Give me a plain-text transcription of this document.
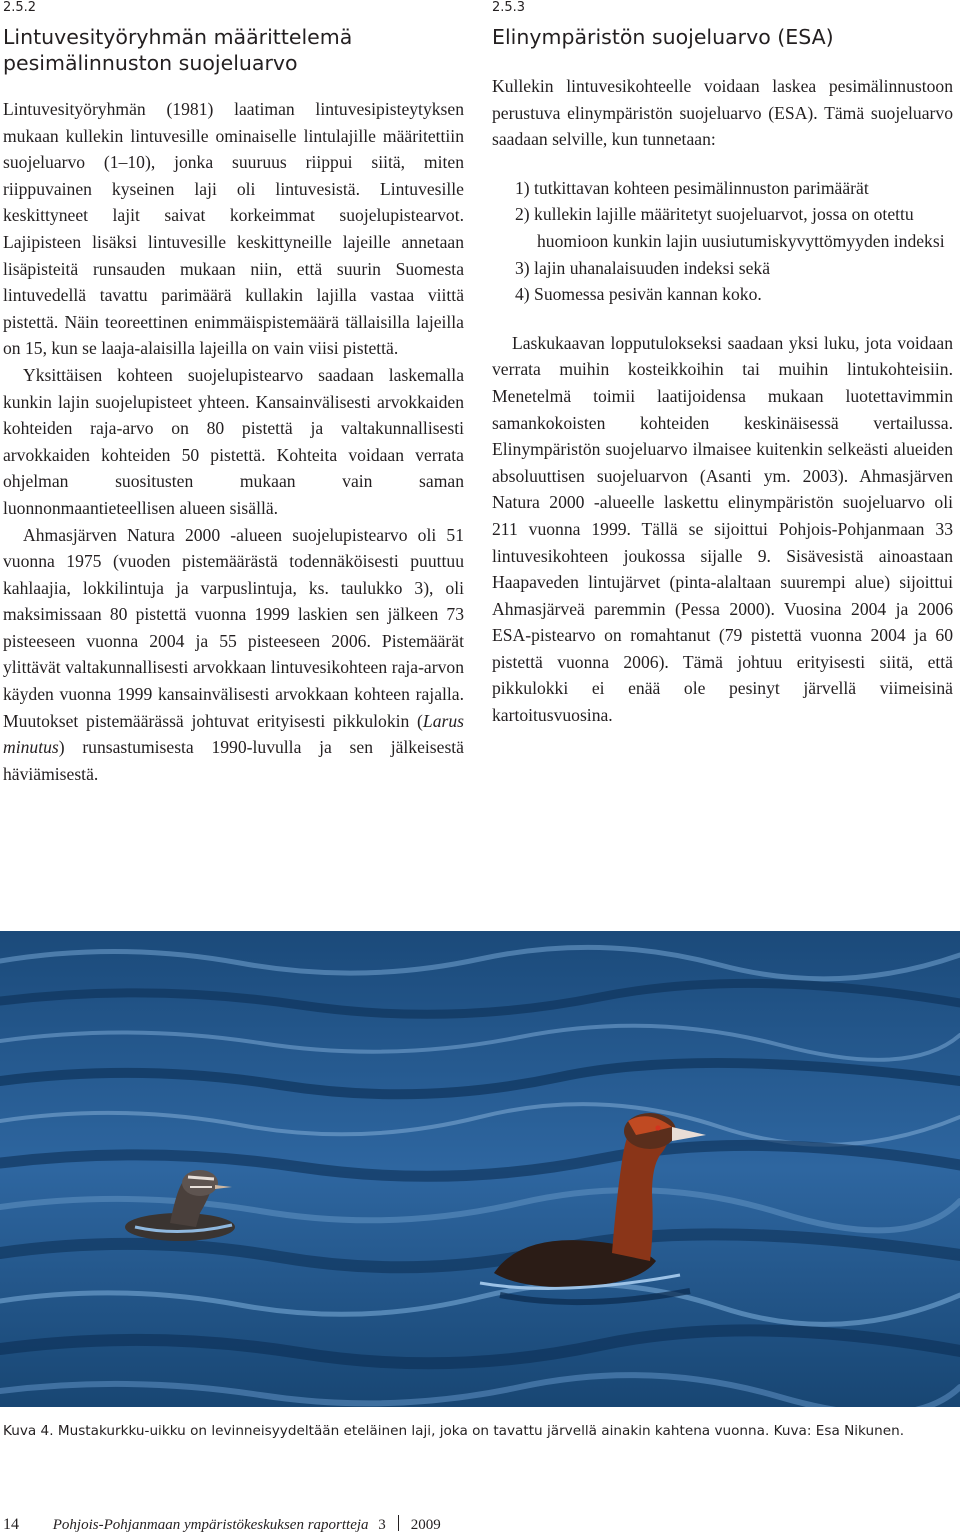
2.5.2
Lintuvesityöryhmän määrittelemä
pesimälinnuston suojeluarvo

Lintuvesityöryhmän (1981) laatiman lintuvesipisteytyksen mukaan kullekin lintuvesille ominaiselle lintulajille määritettiin suojeluarvo (1–10), jonka suuruus riippui siitä, miten riippuvainen kyseinen laji oli lintuvesistä. Lintuvesille keskittyneet lajit saivat korkeimmat suojelupistearvot. Lajipisteen lisäksi lintuvesille keskittyneille lajeille annetaan lisäpisteitä runsauden mukaan niin, että suurin Suomesta lintuvedellä tavattu parimäärä kullakin lajilla vastaa viittä pistettä. Näin teoreettinen enimmäispistemäärä tällaisilla lajeilla on 15, kun se laaja-alaisilla lajeilla on vain viisi pistettä.

Yksittäisen kohteen suojelupistearvo saadaan laskemalla kunkin lajin suojelupisteet yhteen. Kansainvälisesti arvokkaiden kohteiden raja-arvo on 80 pistettä ja valtakunnallisesti arvokkaiden kohteiden 50 pistettä. Kohteita voidaan verrata ohjelman suositusten mukaan vain saman luonnonmaantieteellisen alueen sisällä.

Ahmasjärven Natura 2000 -alueen suojelupistearvo oli 51 vuonna 1975 (vuoden pistemäärästä todennäköisesti puuttuu kahlaajia, lokkilintuja ja varpuslintuja, ks. taulukko 3), oli maksimissaan 80 pistettä vuonna 1999 laskien sen jälkeen 73 pisteeseen vuonna 2004 ja 55 pisteeseen 2006. Pistemäärät ylittävät valtakunnallisesti arvokkaan lintuvesikohteen raja-arvon käyden vuonna 1999 kansainvälisesti arvokkaan kohteen rajalla. Muutokset pistemäärässä johtuvat erityisesti pikkulokin (Larus minutus) runsastumisesta 1990-luvulla ja sen jälkeisestä häviämisestä.

2.5.3
Elinympäristön suojeluarvo (ESA)

Kullekin lintuvesikohteelle voidaan laskea pesimälinnustoon perustuva elinympäristön suojeluarvo (ESA). Tämä suojeluarvo saadaan selville, kun tunnetaan:

1) tutkittavan kohteen pesimälinnuston parimäärät
2) kullekin lajille määritetyt suojeluarvot, jossa on otettu huomioon kunkin lajin uusiutumiskyvyttömyyden indeksi
3) lajin uhanalaisuuden indeksi sekä
4) Suomessa pesivän kannan koko.

Laskukaavan lopputulokseksi saadaan yksi luku, jota voidaan verrata muihin kosteikkoihin tai muihin lintukohteisiin. Menetelmä toimii laatijoidensa mukaan luotettavimmin samankokoisten kohteiden keskinäisessä vertailussa. Elinympäristön suojeluarvo ilmaisee kuitenkin selkeästi alueiden absoluuttisen suojeluarvon (Asanti ym. 2003). Ahmasjärven Natura 2000 -alueelle laskettu elinympäristön suojeluarvo oli 211 vuonna 1999. Tällä se sijoittui Pohjois-Pohjanmaan 33 lintuvesikohteen joukossa sijalle 9. Sisävesistä ainoastaan Haapaveden lintujärvet (pinta-alaltaan suurempi alue) sijoittui Ahmasjärveä paremmin (Pessa 2000). Vuosina 2004 ja 2006 ESA-pistearvo on romahtanut (79 pistettä vuonna 2004 ja 60 pistettä vuonna 2006). Tämä johtuu erityisesti siitä, että pikkulokki ei enää ole pesinyt järvellä viimeisinä kartoitusvuosina.

Kuva 4. Mustakurkku-uikku on levinneisyydeltään eteläinen laji, joka on tavattu järvellä ainakin kahtena vuonna. Kuva: Esa Nikunen.
14 Pohjois-Pohjanmaan ympäristökeskuksen raportteja 3 2009
